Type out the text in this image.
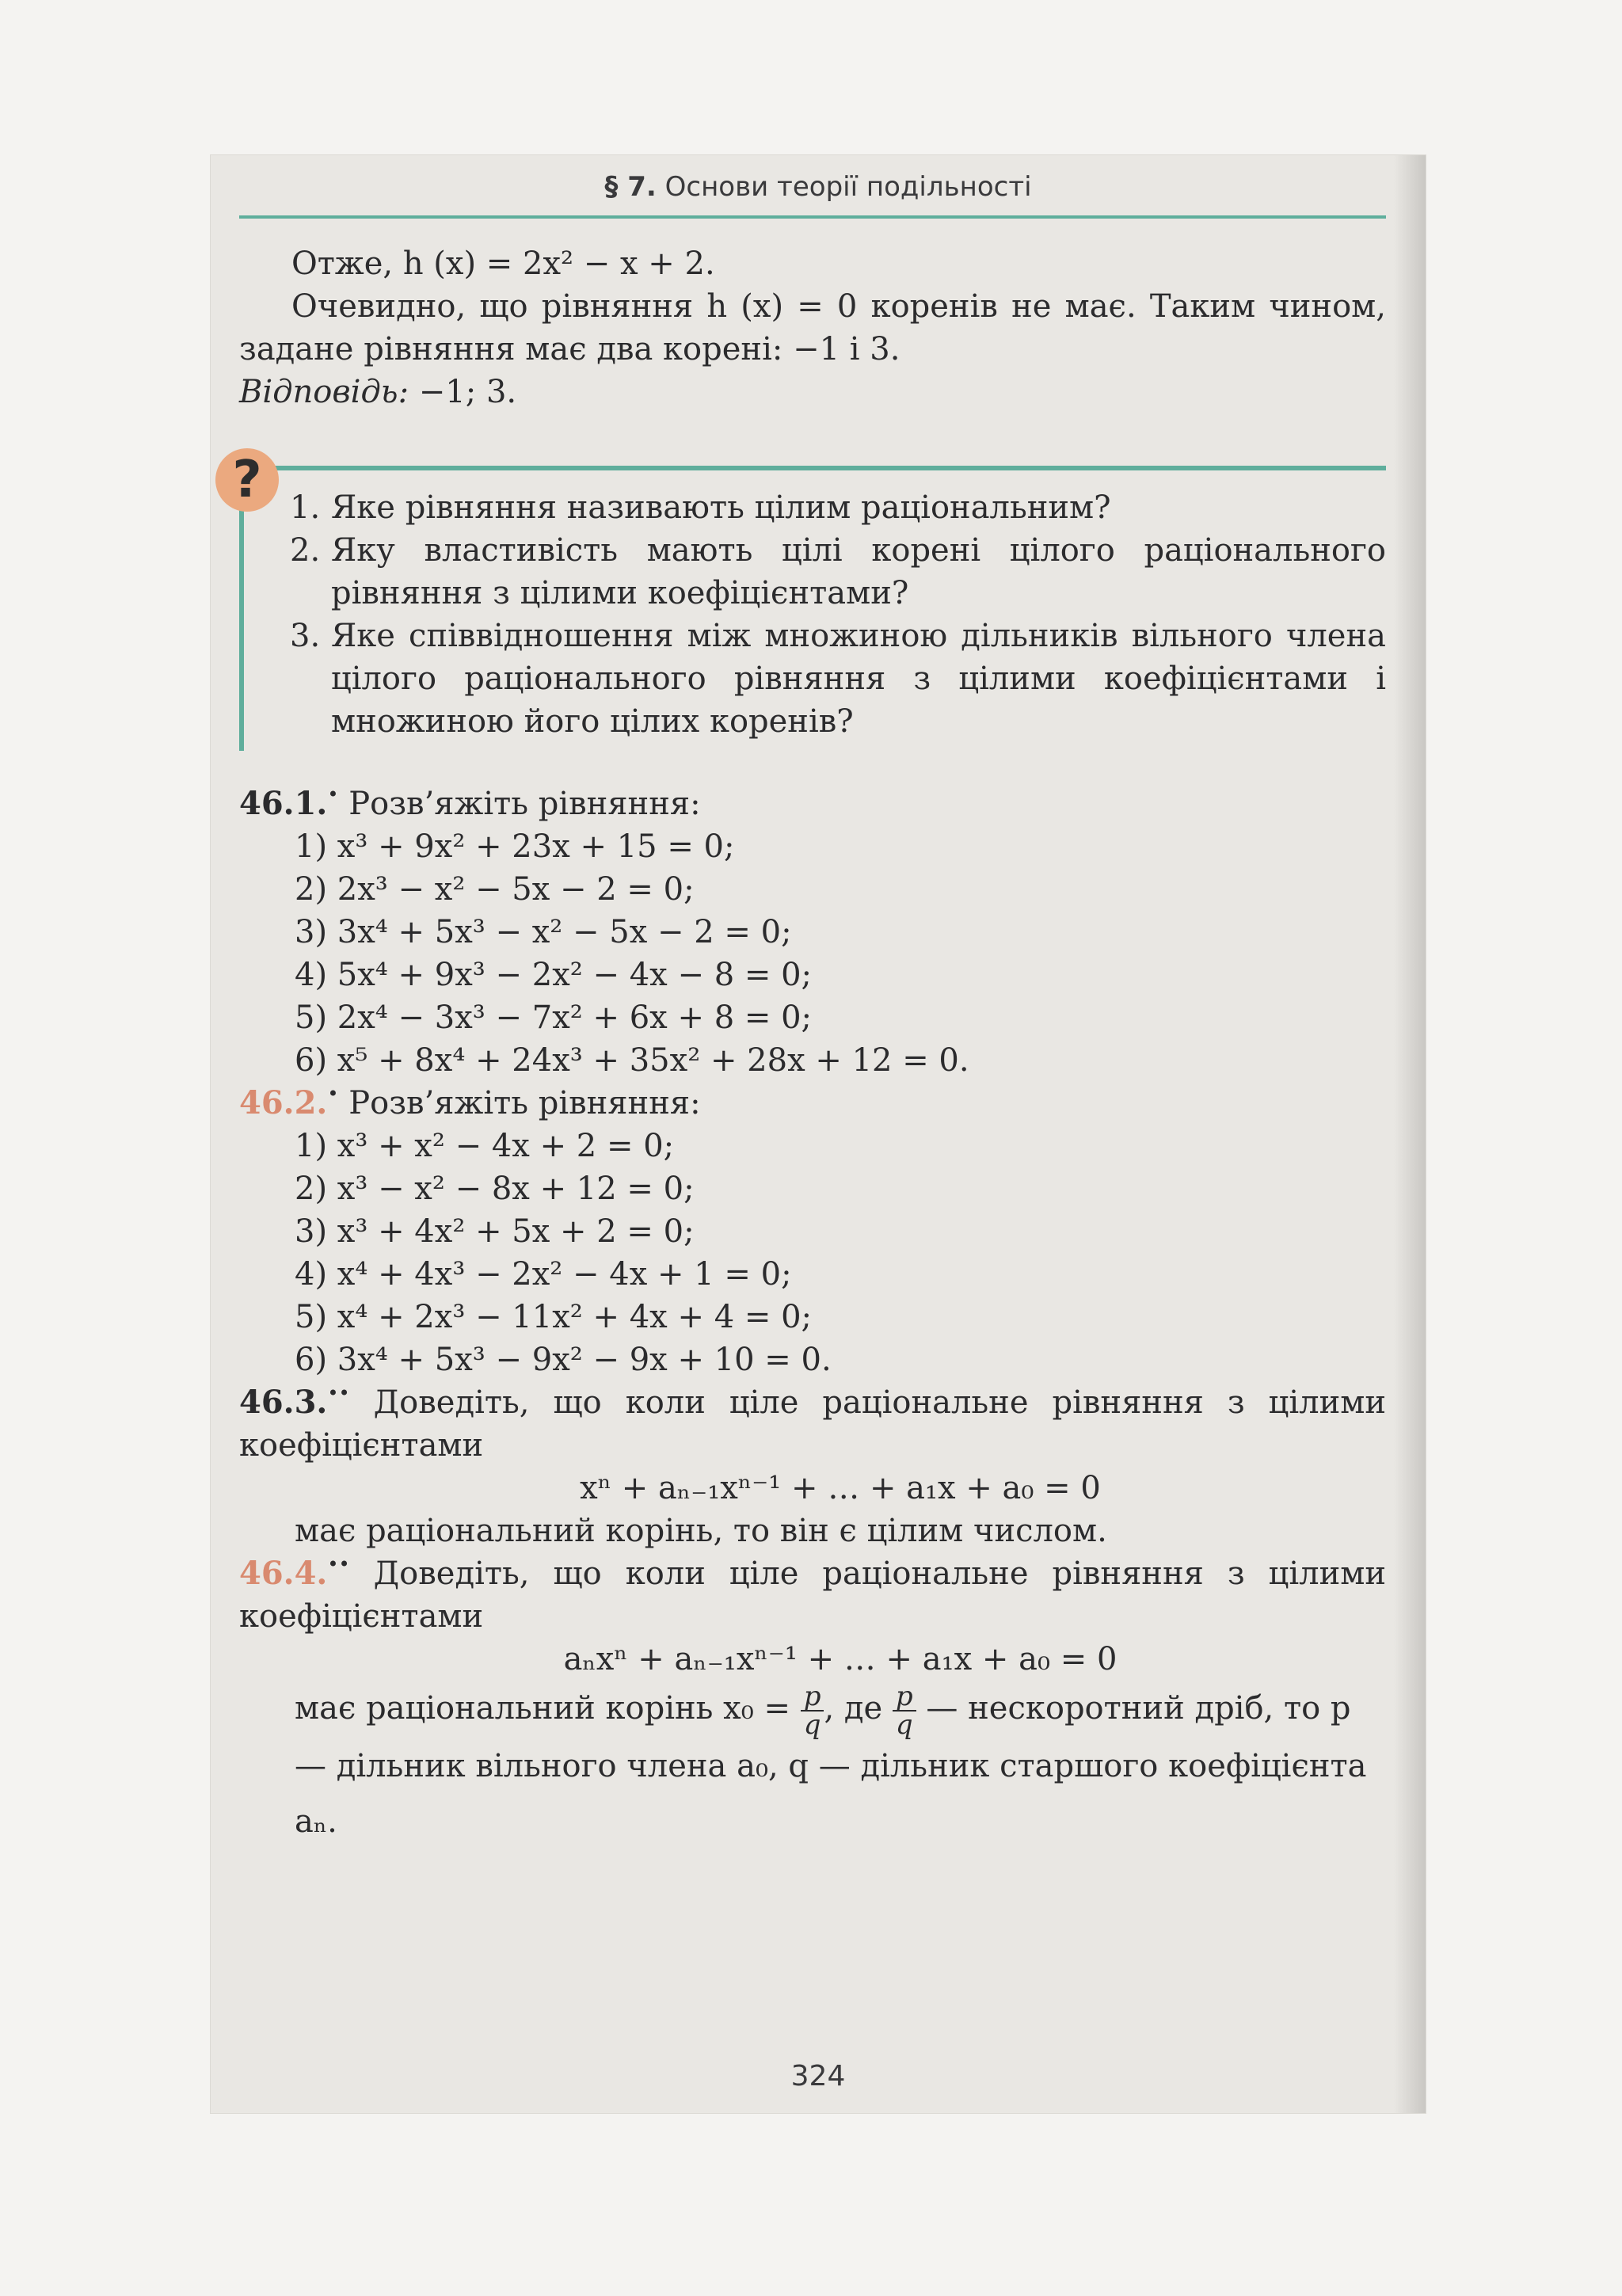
§ 7. Основи теорії подільності

Отже, h (x) = 2x² − x + 2.

Очевидно, що рівняння h (x) = 0 коренів не має. Таким чином, задане рівняння має два корені: −1 і 3.

Відповідь: −1; 3.

? 1. Яке рівняння називають цілим раціональним?
2. Яку властивість мають цілі корені цілого раціонального рівняння з цілими коефіцієнтами?
3. Яке співвідношення між множиною дільників вільного члена цілого раціонального рівняння з цілими коефіцієнтами і множиною його цілих коренів?

46.1.• Розв’яжіть рівняння:

1) x³ + 9x² + 23x + 15 = 0;

2) 2x³ − x² − 5x − 2 = 0;

3) 3x⁴ + 5x³ − x² − 5x − 2 = 0;

4) 5x⁴ + 9x³ − 2x² − 4x − 8 = 0;

5) 2x⁴ − 3x³ − 7x² + 6x + 8 = 0;

6) x⁵ + 8x⁴ + 24x³ + 35x² + 28x + 12 = 0.

46.2.• Розв’яжіть рівняння:

1) x³ + x² − 4x + 2 = 0;

2) x³ − x² − 8x + 12 = 0;

3) x³ + 4x² + 5x + 2 = 0;

4) x⁴ + 4x³ − 2x² − 4x + 1 = 0;

5) x⁴ + 2x³ − 11x² + 4x + 4 = 0;

6) 3x⁴ + 5x³ − 9x² − 9x + 10 = 0.

46.3.•• Доведіть, що коли ціле раціональне рівняння з цілими коефіцієнтами

xⁿ + aₙ₋₁xⁿ⁻¹ + … + a₁x + a₀ = 0

має раціональний корінь, то він є цілим числом.

46.4.•• Доведіть, що коли ціле раціональне рівняння з цілими коефіцієнтами

aₙxⁿ + aₙ₋₁xⁿ⁻¹ + … + a₁x + a₀ = 0

має раціональний корінь $x_0 = \frac{p}{q}$ , де $\frac{p}{q}$ — нескоротний дріб, то p — дільник вільного члена a₀, q — дільник старшого коефіцієнта aₙ.

324
